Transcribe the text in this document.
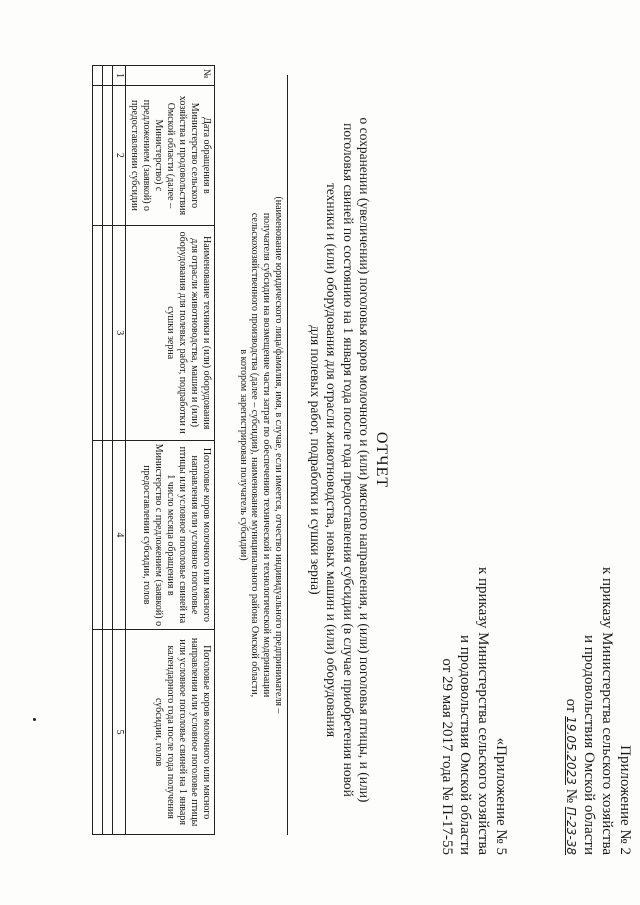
Приложение № 2
к приказу Министерства сельского хозяйства
и продовольствия Омской области
от 19.05.2023 № П-23-38
«Приложение № 5
к приказу Министерства сельского хозяйства
и продовольствия Омской области
от 29 мая 2017 года № П-17-55
ОТЧЕТ
о сохранении (увеличении) поголовья коров молочного и (или) мясного направления, и (или) поголовья птицы, и (или)
поголовья свиней по состоянию на 1 января года после года предоставления субсидии (в случае приобретения новой
техники и (или) оборудования для отрасли животноводства, новых машин и (или) оборудования
для полевых работ, подработки и сушки зерна)
(наименование юридического лица/фамилия, имя, в случае, если имеется, отчество индивидуального предпринимателя –
получателя субсидии на возмещение части затрат по обеспечению технической и технологической модернизации
сельскохозяйственного производства (далее – субсидия), наименование муниципального района Омской области,
в котором зарегистрирован получатель субсидии)
№	Дата обращения в Министерство сельского хозяйства и продовольствия Омской области (далее – Министерство) с предложением (заявкой) о предоставлении субсидии	Наименование техники и (или) оборудования для отрасли животноводства, машин и (или) оборудования для полевых работ, подработки и сушки зерна	Поголовье коров молочного или мясного направления или условное поголовье птицы или условное поголовье свиней на 1 число месяца обращения в Министерство с предложением (заявкой) о предоставлении субсидии, голов	Поголовье коров молочного или мясного направления или условное поголовье птицы или условное поголовье свиней на 1 января календарного года после года получения субсидии, голов
1	2	3	4	5
